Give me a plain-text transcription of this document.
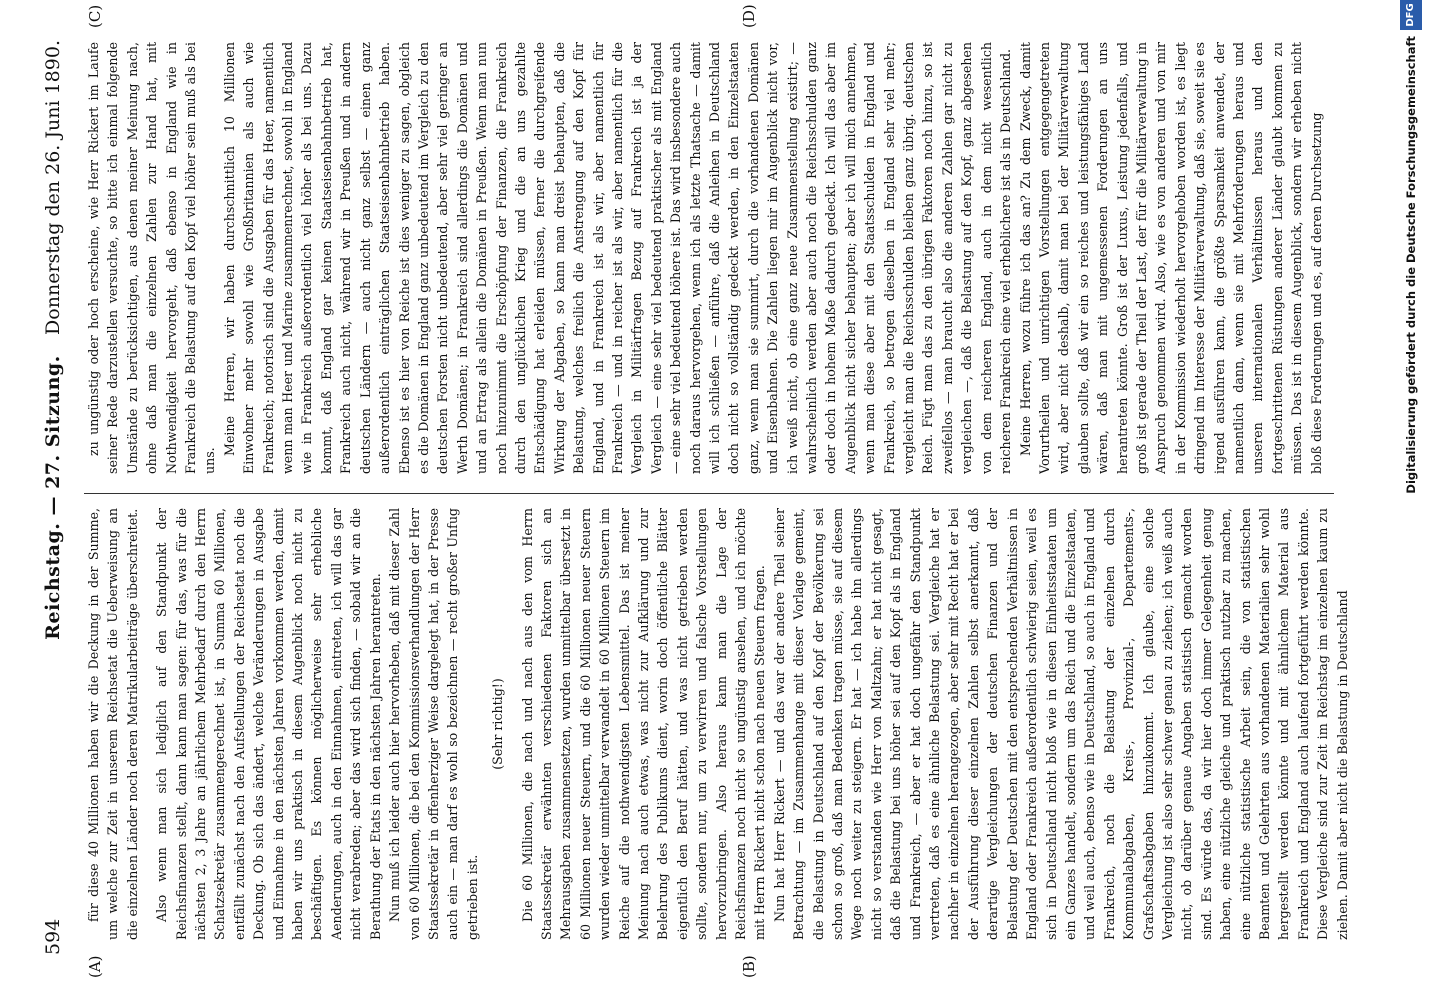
594
Reichstag. — 27. Sitzung.
Donnerstag den 26. Juni 1890.
(A)	(B)
(C)	(D)

für diese 40 Millionen haben wir die Deckung in der Summe, um welche zur Zeit in unserem Reichsetat die Ueberweisung an die einzelnen Länder noch deren Matrikularbeiträge überschreitet. Also wenn man sich lediglich auf den Standpunkt der Reichsfinanzen stellt, dann kann man sagen: für das, was für die nächsten 2, 3 Jahre an jährlichem Mehrbedarf durch den Herrn Schatzsekretär zusammengerechnet ist, in Summa 60 Millionen, entfällt zunächst nach den Aufstellungen der Reichsetat noch die Deckung. Ob sich das ändert, welche Veränderungen in Ausgabe und Einnahme in den nächsten Jahren vorkommen werden, damit haben wir uns praktisch in diesem Augenblick noch nicht zu beschäftigen. Es können möglicherweise sehr erhebliche Aenderungen, auch in den Einnahmen, eintreten, ich will das gar nicht verabreden; aber das wird sich finden, — sobald wir an die Berathung der Etats in den nächsten Jahren herantreten. Nun muß ich leider auch hier hervorheben, daß mit dieser Zahl von 60 Millionen, die bei den Kommissionsverhandlungen der Herr Staatssekretär in offenherziger Weise dargelegt hat, in der Presse auch ein — man darf es wohl so bezeichnen — recht großer Unfug getrieben ist.

(Sehr richtig!) Die 60 Millionen, die nach und nach aus den vom Herrn Staatssekretär erwähnten verschiedenen Faktoren sich an Mehrausgaben zusammensetzen, wurden unmittelbar übersetzt in 60 Millionen neuer Steuern, und die 60 Millionen neuer Steuern wurden wieder unmittelbar verwandelt in 60 Millionen Steuern im Reiche auf die nothwendigsten Lebensmittel. Das ist meiner Meinung nach auch etwas, was nicht zur Aufklärung und zur Belehrung des Publikums dient, worin doch öffentliche Blätter eigentlich den Beruf hätten, und was nicht getrieben werden sollte, sondern nur, um zu verwirren und falsche Vorstellungen hervorzubringen. Also heraus kann man die Lage der Reichsfinanzen noch nicht so ungünstig ansehen, und ich möchte mit Herrn Rickert nicht schon nach neuen Steuern fragen. Nun hat Herr Rickert — und das war der andere Theil seiner Betrachtung — im Zusammenhange mit dieser Vorlage gemeint, die Belastung in Deutschland auf den Kopf der Bevölkerung sei schon so groß, daß man Bedenken tragen müsse, sie auf diesem Wege noch weiter zu steigern. Er hat — ich habe ihn allerdings nicht so verstanden wie Herr von Maltzahn; er hat nicht gesagt, daß die Belastung bei uns höher sei auf den Kopf als in England und Frankreich, — aber er hat doch ungefähr den Standpunkt vertreten, daß es eine ähnliche Belastung sei. Vergleiche hat er nachher in einzelnen herangezogen, aber sehr mit Recht hat er bei der Ausführung dieser einzelnen Zahlen selbst anerkannt, daß derartige Vergleichungen der deutschen Finanzen und der Belastung der Deutschen mit den entsprechenden Verhältnissen in England oder Frankreich außerordentlich schwierig seien, weil es sich in Deutschland nicht bloß wie in diesen Einheitsstaaten um ein Ganzes handelt, sondern um das Reich und die Einzelstaaten, und weil auch, ebenso wie in Deutschland, so auch in England und Frankreich, noch die Belastung der einzelnen durch Kommunalabgaben, Kreis-, Provinzial-, Departements-, Grafschaftsabgaben hinzukommt. Ich glaube, eine solche Vergleichung ist also sehr schwer genau zu ziehen; ich weiß auch nicht, ob darüber genaue Angaben statistisch gemacht worden sind. Es würde das, da wir hier doch immer Gelegenheit genug haben, eine nützliche gleiche und praktisch nutzbar zu machen, eine nützliche statistische Arbeit sein, die von statistischen Beamten und Gelehrten aus vorhandenen Materialien sehr wohl hergestellt werden könnte und mit ähnlichem Material aus Frankreich und England auch laufend fortgeführt werden könnte. Diese Vergleiche sind zur Zeit im Reichstag im einzelnen kaum zu ziehen. Damit aber nicht die Belastung in Deutschland

zu ungünstig oder hoch erscheine, wie Herr Rickert im Laufe seiner Rede darzustellen versuchte, so bitte ich einmal folgende Umstände zu berücksichtigen, aus denen meiner Meinung nach, ohne daß man die einzelnen Zahlen zur Hand hat, mit Nothwendigkeit hervorgeht, daß ebenso in England wie in Frankreich die Belastung auf den Kopf viel höher sein muß als bei uns.

Meine Herren, wir haben durchschnittlich 10 Millionen Einwohner mehr sowohl wie Großbritannien als auch wie Frankreich; notorisch sind die Ausgaben für das Heer, namentlich wenn man Heer und Marine zusammenrechnet, sowohl in England wie in Frankreich außerordentlich viel höher als bei uns. Dazu kommt, daß England gar keinen Staatseisenbahnbetrieb hat, Frankreich auch nicht, während wir in Preußen und in andern deutschen Ländern — auch nicht ganz selbst — einen ganz außerordentlich einträglichen Staatseisenbahnbetrieb haben. Ebenso ist es hier von Reiche ist dies weniger zu sagen, obgleich es die Domänen in England ganz unbedeutend im Vergleich zu den deutschen Forsten nicht unbedeutend, aber sehr viel geringer an Werth Domänen; in Frankreich sind allerdings die Domänen und und an Ertrag als allein die Domänen in Preußen. Wenn man nun noch hinzunimmt die Erschöpfung der Finanzen, die Frankreich durch den unglücklichen Krieg und die an uns gezahlte Entschädigung hat erleiden müssen, ferner die durchgreifende Wirkung der Abgaben, so kann man dreist behaupten, daß die Belastung, welches freilich die Anstrengung auf den Kopf für England, und in Frankreich ist als wir, aber namentlich für Frankreich — und in reicher ist als wir, aber namentlich für die Vergleich in Militärfragen Bezug auf Frankreich ist ja der Vergleich — eine sehr viel bedeutend praktischer als mit England — eine sehr viel bedeutend höhere ist. Das wird insbesondere auch noch daraus hervorgehen, wenn ich als letzte Thatsache — damit will ich schließen — anführe, daß die Anleihen in Deutschland doch nicht so vollständig gedeckt werden, in den Einzelstaaten ganz, wenn man sie summirt, durch die vorhandenen Domänen und Eisenbahnen. Die Zahlen liegen mir im Augenblick nicht vor, ich weiß nicht, ob eine ganz neue Zusammenstellung existirt; — wahrscheinlich werden aber auch noch die Reichsschulden ganz oder doch in hohem Maße dadurch gedeckt. Ich will das aber im Augenblick nicht sicher behaupten; aber ich will mich annehmen, wenn man diese aber mit den Staatsschulden in England und Frankreich, so betrogen dieselben in England sehr viel mehr; vergleicht man die Reichsschulden bleiben ganz übrig. deutschen Reich. Fügt man das zu den übrigen Faktoren noch hinzu, so ist zweifellos — man braucht also die anderen Zahlen gar nicht zu vergleichen —, daß die Belastung auf den Kopf, ganz abgesehen von dem reicheren England, auch in dem nicht wesentlich reicheren Frankreich eine viel erheblichere ist als in Deutschland. Meine Herren, wozu führe ich das an? Zu dem Zweck, damit Vorurtheilen und unrichtigen Vorstellungen entgegengetreten wird, aber nicht deshalb, damit man bei der Militärverwaltung glauben sollte, daß wir ein so reiches und leistungsfähiges Land wären, daß man mit ungemessenen Forderungen an uns herantreten könnte. Groß ist der Luxus, Leistung jedenfalls, und groß ist gerade der Theil der Last, der für die Militärverwaltung in Anspruch genommen wird. Also, wie es von anderen und von mir in der Kommission wiederholt hervorgehoben worden ist, es liegt dringend im Interesse der Militärverwaltung, daß sie, soweit sie es irgend ausführen kann, die größte Sparsamkeit anwendet, der namentlich dann, wenn sie mit Mehrforderungen heraus und unseren internationalen Verhältnissen heraus und den fortgeschrittenen Rüstungen anderer Länder glaubt kommen zu müssen. Das ist in diesem Augenblick, sondern wir erheben nicht bloß diese Forderungen und es, auf deren Durchsetzung	Digitalisierung gefördert durch die Deutsche Forschungsgemeinschaft
DFG
